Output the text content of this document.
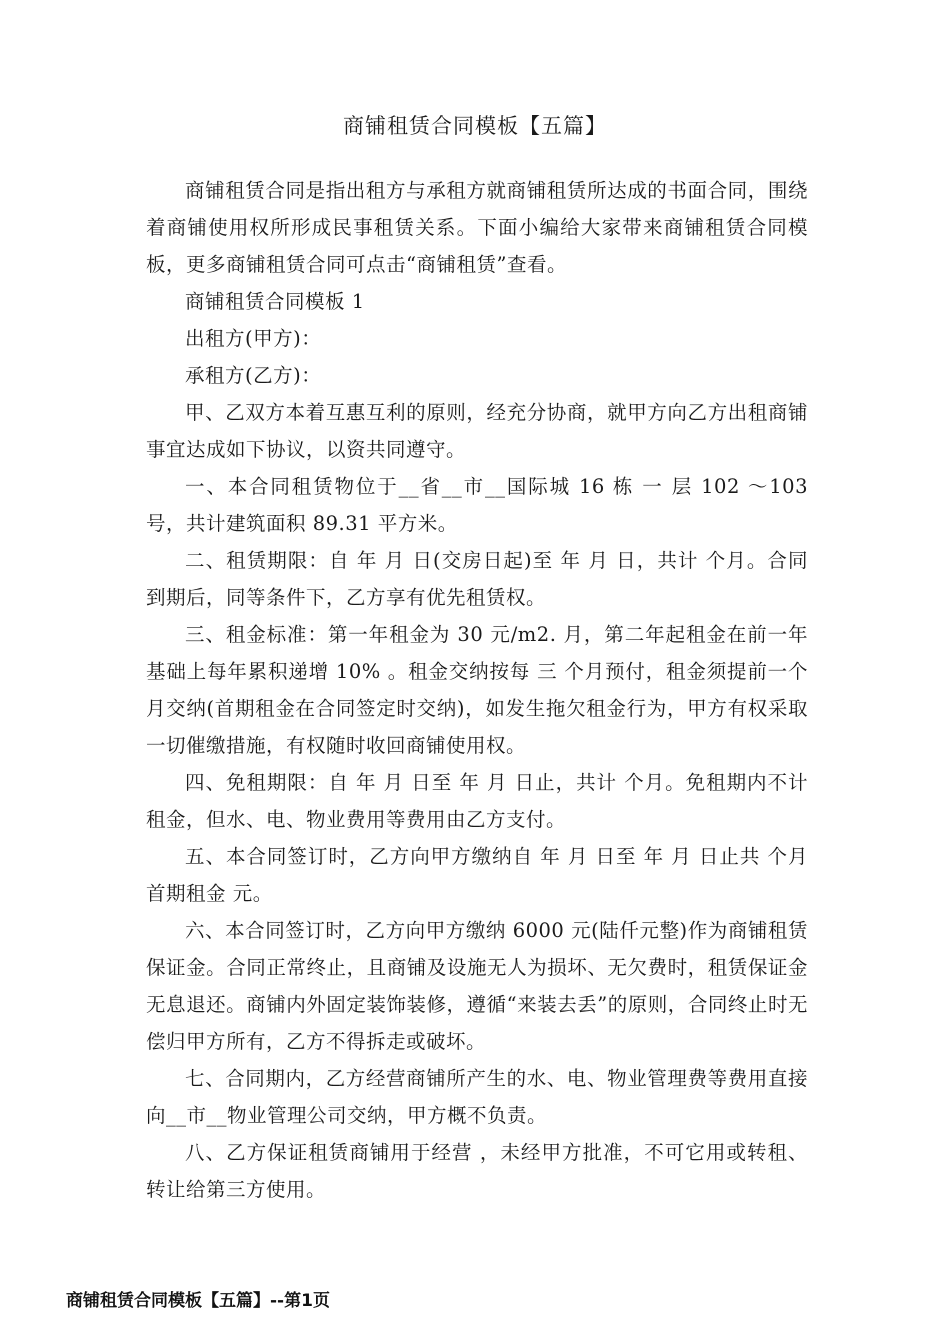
商铺租赁合同模板【五篇】

商铺租赁合同是指出租方与承租方就商铺租赁所达成的书面合同，围绕着商铺使用权所形成民事租赁关系。下面小编给大家带来商铺租赁合同模板，更多商铺租赁合同可点击“商铺租赁”查看。

商铺租赁合同模板 1

出租方(甲方)：

承租方(乙方)：

甲、乙双方本着互惠互利的原则，经充分协商，就甲方向乙方出租商铺事宜达成如下协议，以资共同遵守。

一、本合同租赁物位于__省__市__国际城 16 栋 一 层 102 ～103 号，共计建筑面积 89.31 平方米。

二、租赁期限：自 年 月 日(交房日起)至 年 月 日，共计 个月。合同到期后，同等条件下，乙方享有优先租赁权。

三、租金标准：第一年租金为 30 元/m2. 月，第二年起租金在前一年基础上每年累积递增 10% 。租金交纳按每 三 个月预付，租金须提前一个月交纳(首期租金在合同签定时交纳)，如发生拖欠租金行为，甲方有权采取一切催缴措施，有权随时收回商铺使用权。

四、免租期限：自 年 月 日至 年 月 日止，共计 个月。免租期内不计租金，但水、电、物业费用等费用由乙方支付。

五、本合同签订时，乙方向甲方缴纳自 年 月 日至 年 月 日止共 个月首期租金 元。

六、本合同签订时，乙方向甲方缴纳 6000 元(陆仟元整)作为商铺租赁保证金。合同正常终止，且商铺及设施无人为损坏、无欠费时，租赁保证金无息退还。商铺内外固定装饰装修，遵循“来装去丢”的原则，合同终止时无偿归甲方所有，乙方不得拆走或破坏。

七、合同期内，乙方经营商铺所产生的水、电、物业管理费等费用直接向__市__物业管理公司交纳，甲方概不负责。

八、乙方保证租赁商铺用于经营 ，未经甲方批准，不可它用或转租、转让给第三方使用。

商铺租赁合同模板【五篇】--第1页
